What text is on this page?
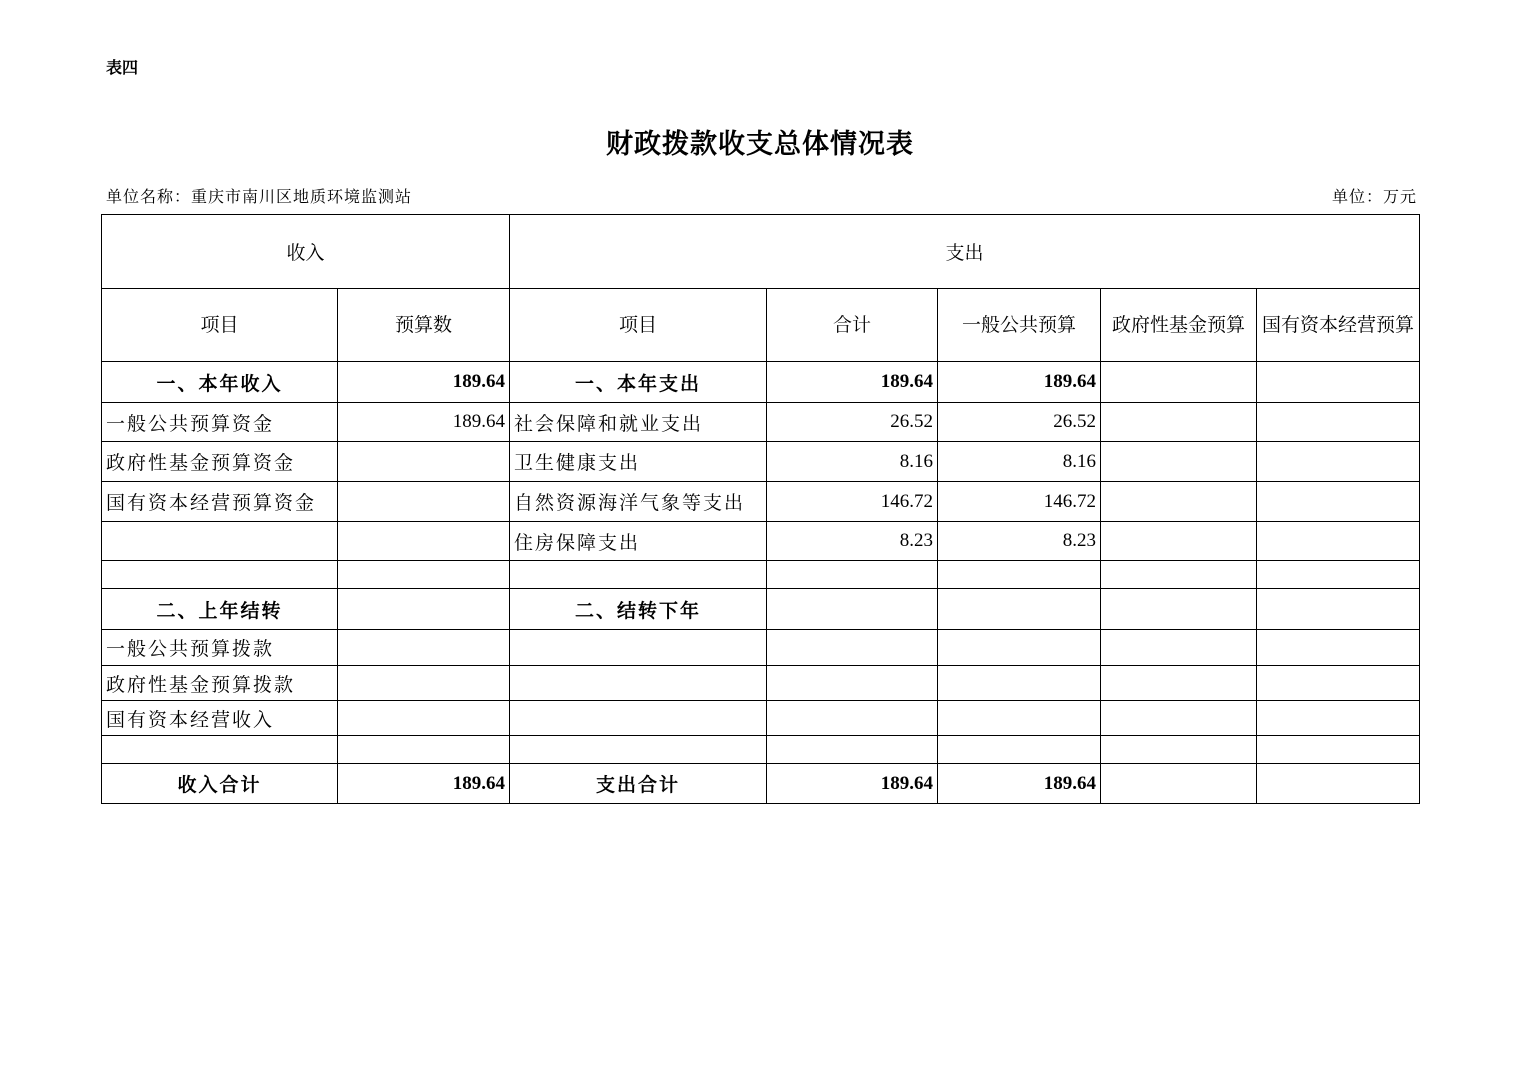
表四
财政拨款收支总体情况表
单位名称：重庆市南川区地质环境监测站	单位：万元
收入		支出				
项目	预算数	项目	合计	一般公共预算	政府性基金预算	国有资本经营预算
一、本年收入	189.64	一、本年支出	189.64	189.64		
一般公共预算资金	189.64	社会保障和就业支出	26.52	26.52		
政府性基金预算资金		卫生健康支出	8.16	8.16		
国有资本经营预算资金		自然资源海洋气象等支出	146.72	146.72		
		住房保障支出	8.23	8.23		

二、上年结转		二、结转下年				
一般公共预算拨款						
政府性基金预算拨款						
国有资本经营收入						

收入合计	189.64	支出合计	189.64	189.64		
